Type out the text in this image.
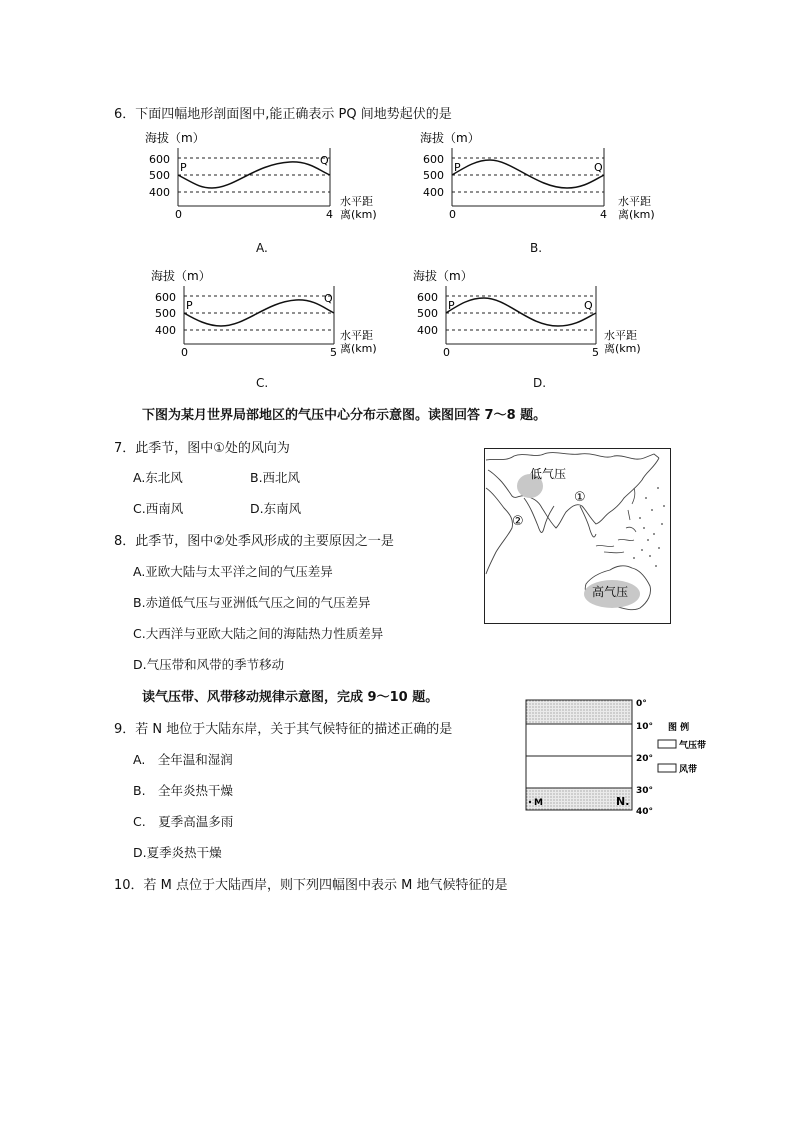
6．下面四幅地形剖面图中,能正确表示 PQ 间地势起伏的是
海拔（m）
600
500
400
P
Q
0	4
水平距
离(km)
A.
海拔（m）
600
500
400
P	Q
0	4
水平距
离(km)
B.
海拔（m）
600
500
400
P
Q
0	5
水平距
离(km)
C.
海拔（m）
600
500
400
P	Q
0	5
水平距
离(km)
D.
下图为某月世界局部地区的气压中心分布示意图。读图回答 7～8 题。
7．此季节，图中①处的风向为
A.东北风	B.西北风
C.西南风	D.东南风
8．此季节，图中②处季风形成的主要原因之一是
A.亚欧大陆与太平洋之间的气压差异
B.赤道低气压与亚洲低气压之间的气压差异
C.大西洋与亚欧大陆之间的海陆热力性质差异
D.气压带和风带的季节移动
低气压
高气压
①
②
读气压带、风带移动规律示意图，完成 9～10 题。
9．若 N 地位于大陆东岸，关于其气候特征的描述正确的是
A.　全年温和湿润
B.　全年炎热干燥
C.　夏季高温多雨
D.夏季炎热干燥
0°
10°
20°
30°
40°
M	N.
图 例
气压带
风带
10．若 M 点位于大陆西岸，则下列四幅图中表示 M 地气候特征的是
